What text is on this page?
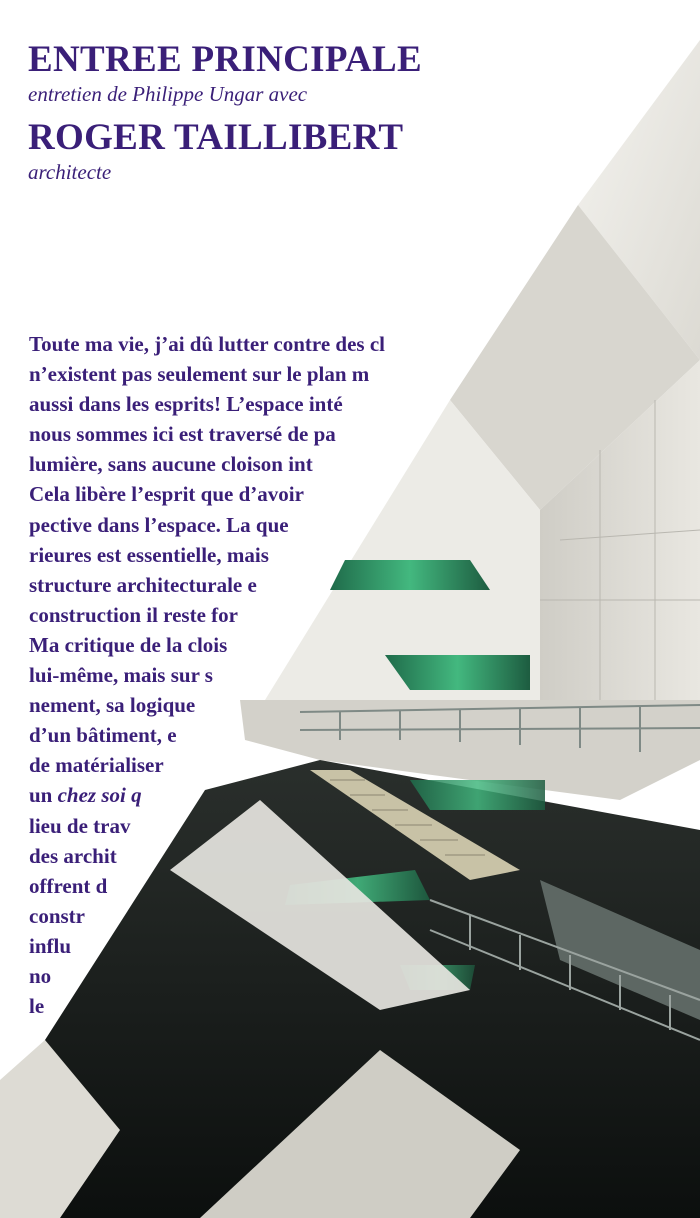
ENTREE PRINCIPALE

entretien de Philippe Ungar avec

ROGER TAILLIBERT

architecte

Toute ma vie, j’ai dû lutter contre des cl
n’existent pas seulement sur le plan m
aussi dans les esprits! L’espace inté
nous sommes ici est traversé de pa
lumière, sans aucune cloison int
Cela libère l’esprit que d’avoir
pective dans l’espace. La que
rieures est essentielle, mais
structure architecturale e
construction il reste for
Ma critique de la clois
lui-même, mais sur s
nement, sa logique
d’un bâtiment, e
de matérialiser
un chez soi q
lieu de trav
des archit
offrent d
constr
influ
no
le
